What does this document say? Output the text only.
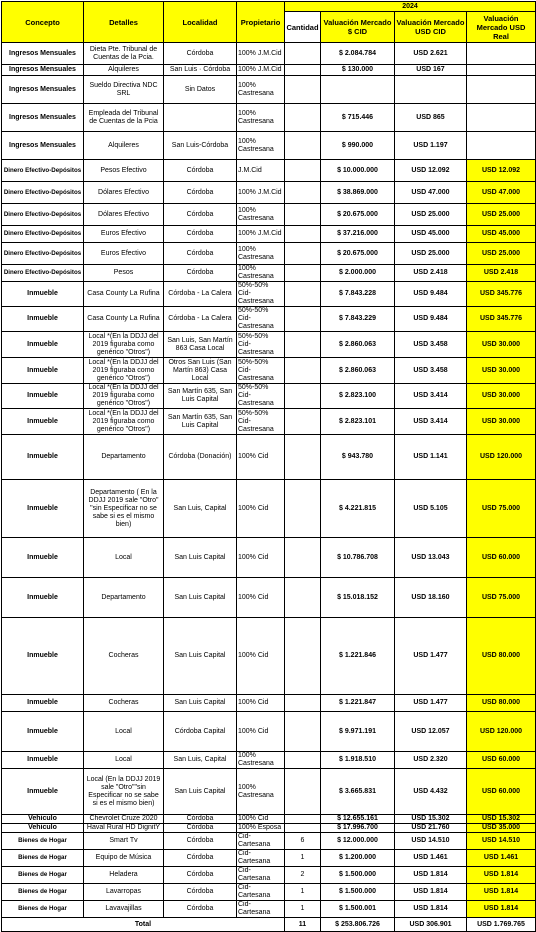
Concepto	Detalles	Localidad	Propietario	2024			
				Cantidad	Valuación Mercado $ CID	Valuación Mercado USD CID	Valuación Mercado USD Real
Ingresos Mensuales	Dieta Pte. Tribunal de Cuentas de la Pcia.	Córdoba	100% J.M.Cid		$ 2.084.784	USD 2.621	
Ingresos Mensuales	Alquileres	San Luis · Córdoba	100% J.M.Cid		$ 130.000	USD 167	
Ingresos Mensuales	Sueldo Directiva NDC SRL	Sin Datos	100% Castresana				
Ingresos Mensuales	Empleada del Tribunal de Cuentas de la Pcia		100% Castresana		$ 715.446	USD 865	
Ingresos Mensuales	Alquileres	San Luis-Córdoba	100% Castresana		$ 990.000	USD 1.197	
Dinero Efectivo-Depósitos	Pesos Efectivo	Córdoba	J.M.Cid		$ 10.000.000	USD 12.092	USD 12.092
Dinero Efectivo-Depósitos	Dólares Efectivo	Córdoba	100% J.M.Cid		$ 38.869.000	USD 47.000	USD 47.000
Dinero Efectivo-Depósitos	Dólares Efectivo	Córdoba	100% Castresana		$ 20.675.000	USD 25.000	USD 25.000
Dinero Efectivo-Depósitos	Euros Efectivo	Córdoba	100% J.M.Cid		$ 37.216.000	USD 45.000	USD 45.000
Dinero Efectivo-Depósitos	Euros Efectivo	Córdoba	100% Castresana		$ 20.675.000	USD 25.000	USD 25.000
Dinero Efectivo-Depósitos	Pesos	Córdoba	100% Castresana		$ 2.000.000	USD 2.418	USD 2.418
Inmueble	Casa County La Rufina	Córdoba - La Calera	50%-50% Cid-Castresana		$ 7.843.228	USD 9.484	USD 345.776
Inmueble	Casa County La Rufina	Córdoba - La Calera	50%-50% Cid-Castresana		$ 7.843.229	USD 9.484	USD 345.776
Inmueble	Local *(En la DDJJ del 2019 figuraba como genérico "Otros")	San Luis, San Martín 863 Casa Local	50%-50% Cid-Castresana		$ 2.860.063	USD 3.458	USD 30.000
Inmueble	Local *(En la DDJJ del 2019 figuraba como genérico "Otros")	Otros San Luis (San Martín 863) Casa Local	50%-50% Cid-Castresana		$ 2.860.063	USD 3.458	USD 30.000
Inmueble	Local *(En la DDJJ del 2019 figuraba como genérico "Otros")	San Martín 635, San Luis Capital	50%-50% Cid-Castresana		$ 2.823.100	USD 3.414	USD 30.000
Inmueble	Local *(En la DDJJ del 2019 figuraba como genérico "Otros")	San Martín 635, San Luis Capital	50%-50% Cid-Castresana		$ 2.823.101	USD 3.414	USD 30.000
Inmueble	Departamento	Córdoba (Donación)	100% Cid		$ 943.780	USD 1.141	USD 120.000
Inmueble	Departamento ( En la DDJJ 2019 sale "Otro" "sin Especificar no se sabe si es el mismo bien)	San Luis, Capital	100% Cid		$ 4.221.815	USD 5.105	USD 75.000
Inmueble	Local	San Luis Capital	100% Cid		$ 10.786.708	USD 13.043	USD 60.000
Inmueble	Departamento	San Luis Capital	100% Cid		$ 15.018.152	USD 18.160	USD 75.000
Inmueble	Cocheras	San Luis Capital	100% Cid		$ 1.221.846	USD 1.477	USD 80.000
Inmueble	Cocheras	San Luis Capital	100% Cid		$ 1.221.847	USD 1.477	USD 80.000
Inmueble	Local	Córdoba Capital	100% Cid		$ 9.971.191	USD 12.057	USD 120.000
Inmueble	Local	San Luis, Capital	100% Castresana		$ 1.918.510	USD 2.320	USD 60.000
Inmueble	Local (En la DDJJ 2019 sale "Otro""sin Especificar no se sabe si es el mismo bien)	San Luis Capital	100% Castresana		$ 3.665.831	USD 4.432	USD 60.000
Vehiculo	Chevrolet Cruze 2020	Córdoba	100% Cid		$ 12.655.161	USD 15.302	USD 15.302
Vehiculo	Haval Rural HD DignitY	Córdoba	100% Esposa		$ 17.996.700	USD 21.760	USD 35.000
Bienes de Hogar	Smart Tv	Córdoba	Cid-Cartesana	6	$ 12.000.000	USD 14.510	USD 14.510
Bienes de Hogar	Equipo de Música	Córdoba	Cid-Cartesana	1	$ 1.200.000	USD 1.461	USD 1.461
Bienes de Hogar	Heladera	Córdoba	Cid-Cartesana	2	$ 1.500.000	USD 1.814	USD 1.814
Bienes de Hogar	Lavarropas	Córdoba	Cid-Cartesana	1	$ 1.500.000	USD 1.814	USD 1.814
Bienes de Hogar	Lavavajillas	Córdoba	Cid-Cartesana	1	$ 1.500.001	USD 1.814	USD 1.814
Total				11	$ 253.806.726	USD 306.901	USD 1.769.765
